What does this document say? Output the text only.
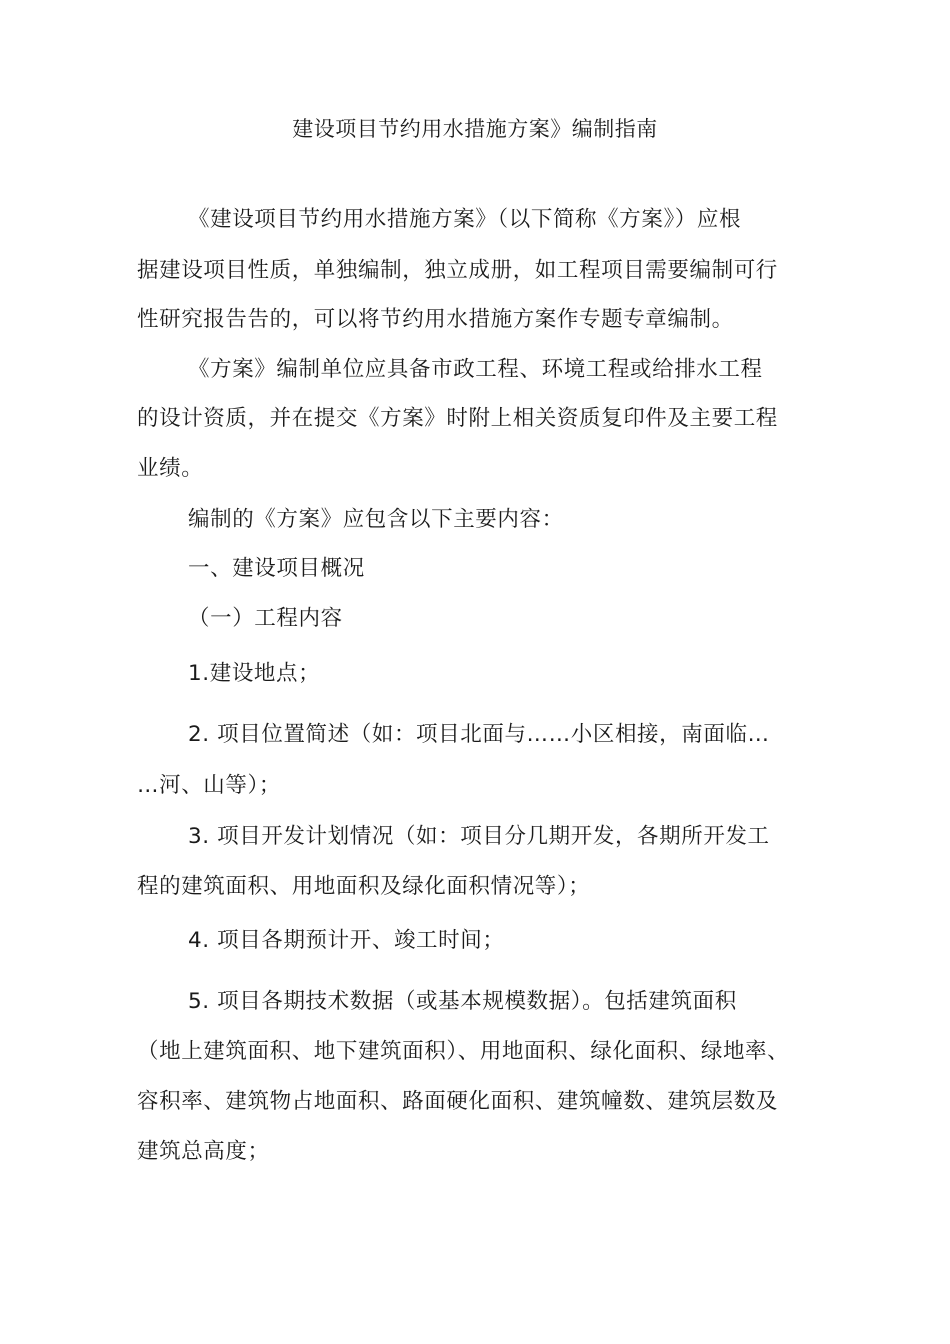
建设项目节约用水措施方案》编制指南
《建设项目节约用水措施方案》（以下简称《方案》）应根
据建设项目性质，单独编制，独立成册，如工程项目需要编制可行
性研究报告告的，可以将节约用水措施方案作专题专章编制。
《方案》编制单位应具备市政工程、环境工程或给排水工程
的设计资质，并在提交《方案》时附上相关资质复印件及主要工程
业绩。
编制的《方案》应包含以下主要内容：
一、建设项目概况
（一）工程内容
1.建设地点；
2. 项目位置简述（如：项目北面与……小区相接，南面临…
…河、山等）；
3. 项目开发计划情况（如：项目分几期开发，各期所开发工
程的建筑面积、用地面积及绿化面积情况等）；
4. 项目各期预计开、竣工时间；
5. 项目各期技术数据（或基本规模数据）。包括建筑面积
（地上建筑面积、地下建筑面积）、用地面积、绿化面积、绿地率、
容积率、建筑物占地面积、路面硬化面积、建筑幢数、建筑层数及
建筑总高度；
